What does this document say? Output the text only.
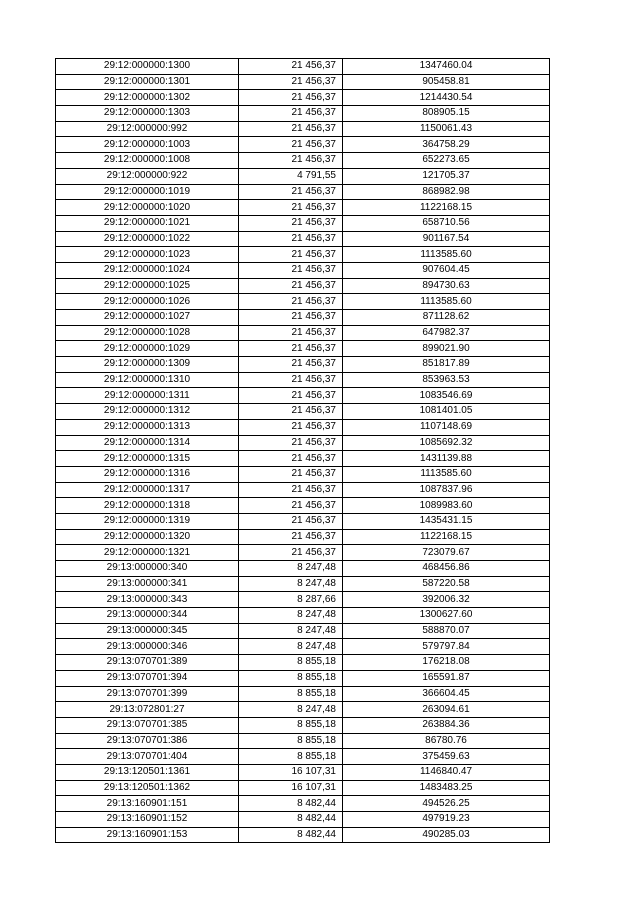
29:12:000000:1300	21 456,37	1347460.04
29:12:000000:1301	21 456,37	905458.81
29:12:000000:1302	21 456,37	1214430.54
29:12:000000:1303	21 456,37	808905.15
29:12:000000:992	21 456,37	1150061.43
29:12:000000:1003	21 456,37	364758.29
29:12:000000:1008	21 456,37	652273.65
29:12:000000:922	4 791,55	121705.37
29:12:000000:1019	21 456,37	868982.98
29:12:000000:1020	21 456,37	1122168.15
29:12:000000:1021	21 456,37	658710.56
29:12:000000:1022	21 456,37	901167.54
29:12:000000:1023	21 456,37	1113585.60
29:12:000000:1024	21 456,37	907604.45
29:12:000000:1025	21 456,37	894730.63
29:12:000000:1026	21 456,37	1113585.60
29:12:000000:1027	21 456,37	871128.62
29:12:000000:1028	21 456,37	647982.37
29:12:000000:1029	21 456,37	899021.90
29:12:000000:1309	21 456,37	851817.89
29:12:000000:1310	21 456,37	853963.53
29:12:000000:1311	21 456,37	1083546.69
29:12:000000:1312	21 456,37	1081401.05
29:12:000000:1313	21 456,37	1107148.69
29:12:000000:1314	21 456,37	1085692.32
29:12:000000:1315	21 456,37	1431139.88
29:12:000000:1316	21 456,37	1113585.60
29:12:000000:1317	21 456,37	1087837.96
29:12:000000:1318	21 456,37	1089983.60
29:12:000000:1319	21 456,37	1435431.15
29:12:000000:1320	21 456,37	1122168.15
29:12:000000:1321	21 456,37	723079.67
29:13:000000:340	8 247,48	468456.86
29:13:000000:341	8 247,48	587220.58
29:13:000000:343	8 287,66	392006.32
29:13:000000:344	8 247,48	1300627.60
29:13:000000:345	8 247,48	588870.07
29:13:000000:346	8 247,48	579797.84
29:13:070701:389	8 855,18	176218.08
29:13:070701:394	8 855,18	165591.87
29:13:070701:399	8 855,18	366604.45
29:13:072801:27	8 247,48	263094.61
29:13:070701:385	8 855,18	263884.36
29:13:070701:386	8 855,18	86780.76
29:13:070701:404	8 855,18	375459.63
29:13:120501:1361	16 107,31	1146840.47
29:13:120501:1362	16 107,31	1483483.25
29:13:160901:151	8 482,44	494526.25
29:13:160901:152	8 482,44	497919.23
29:13:160901:153	8 482,44	490285.03
